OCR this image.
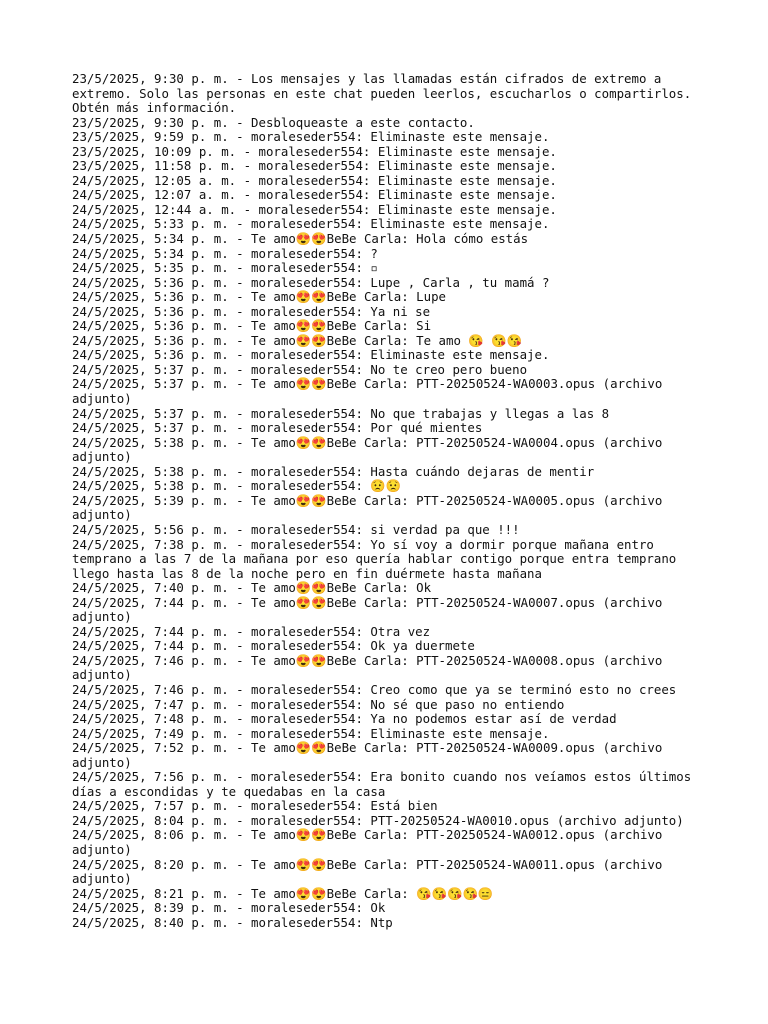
23/5/2025, 9:30 p. m. - Los mensajes y las llamadas están cifrados de extremo a extremo. Solo las personas en este chat pueden leerlos, escucharlos o compartirlos. Obtén más información.
23/5/2025, 9:30 p. m. - Desbloqueaste a este contacto.
23/5/2025, 9:59 p. m. - moraleseder554: Eliminaste este mensaje.
23/5/2025, 10:09 p. m. - moraleseder554: Eliminaste este mensaje.
23/5/2025, 11:58 p. m. - moraleseder554: Eliminaste este mensaje.
24/5/2025, 12:05 a. m. - moraleseder554: Eliminaste este mensaje.
24/5/2025, 12:07 a. m. - moraleseder554: Eliminaste este mensaje.
24/5/2025, 12:44 a. m. - moraleseder554: Eliminaste este mensaje.
24/5/2025, 5:33 p. m. - moraleseder554: Eliminaste este mensaje.
24/5/2025, 5:34 p. m. - Te amo😍😍BeBe Carla: Hola cómo estás
24/5/2025, 5:34 p. m. - moraleseder554: ?
24/5/2025, 5:35 p. m. - moraleseder554: ▫
24/5/2025, 5:36 p. m. - moraleseder554: Lupe , Carla , tu mamá ?
24/5/2025, 5:36 p. m. - Te amo😍😍BeBe Carla: Lupe
24/5/2025, 5:36 p. m. - moraleseder554: Ya ni se
24/5/2025, 5:36 p. m. - Te amo😍😍BeBe Carla: Si
24/5/2025, 5:36 p. m. - Te amo😍😍BeBe Carla: Te amo 😘 😘😘
24/5/2025, 5:36 p. m. - moraleseder554: Eliminaste este mensaje.
24/5/2025, 5:37 p. m. - moraleseder554: No te creo pero bueno
24/5/2025, 5:37 p. m. - Te amo😍😍BeBe Carla: PTT-20250524-WA0003.opus (archivo adjunto)
24/5/2025, 5:37 p. m. - moraleseder554: No que trabajas y llegas a las 8
24/5/2025, 5:37 p. m. - moraleseder554: Por qué mientes
24/5/2025, 5:38 p. m. - Te amo😍😍BeBe Carla: PTT-20250524-WA0004.opus (archivo adjunto)
24/5/2025, 5:38 p. m. - moraleseder554: Hasta cuándo dejaras de mentir
24/5/2025, 5:38 p. m. - moraleseder554: 😟😟
24/5/2025, 5:39 p. m. - Te amo😍😍BeBe Carla: PTT-20250524-WA0005.opus (archivo adjunto)
24/5/2025, 5:56 p. m. - moraleseder554: si verdad pa que !!!
24/5/2025, 7:38 p. m. - moraleseder554: Yo sí voy a dormir porque mañana entro temprano a las 7 de la mañana por eso quería hablar contigo porque entra temprano llego hasta las 8 de la noche pero en fin duérmete hasta mañana
24/5/2025, 7:40 p. m. - Te amo😍😍BeBe Carla: Ok
24/5/2025, 7:44 p. m. - Te amo😍😍BeBe Carla: PTT-20250524-WA0007.opus (archivo adjunto)
24/5/2025, 7:44 p. m. - moraleseder554: Otra vez
24/5/2025, 7:44 p. m. - moraleseder554: Ok ya duermete
24/5/2025, 7:46 p. m. - Te amo😍😍BeBe Carla: PTT-20250524-WA0008.opus (archivo adjunto)
24/5/2025, 7:46 p. m. - moraleseder554: Creo como que ya se terminó esto no crees
24/5/2025, 7:47 p. m. - moraleseder554: No sé que paso no entiendo
24/5/2025, 7:48 p. m. - moraleseder554: Ya no podemos estar así de verdad
24/5/2025, 7:49 p. m. - moraleseder554: Eliminaste este mensaje.
24/5/2025, 7:52 p. m. - Te amo😍😍BeBe Carla: PTT-20250524-WA0009.opus (archivo adjunto)
24/5/2025, 7:56 p. m. - moraleseder554: Era bonito cuando nos veíamos estos últimos días a escondidas y te quedabas en la casa
24/5/2025, 7:57 p. m. - moraleseder554: Está bien
24/5/2025, 8:04 p. m. - moraleseder554: PTT-20250524-WA0010.opus (archivo adjunto)
24/5/2025, 8:06 p. m. - Te amo😍😍BeBe Carla: PTT-20250524-WA0012.opus (archivo adjunto)
24/5/2025, 8:20 p. m. - Te amo😍😍BeBe Carla: PTT-20250524-WA0011.opus (archivo adjunto)
24/5/2025, 8:21 p. m. - Te amo😍😍BeBe Carla: 😘😘😘😘😑
24/5/2025, 8:39 p. m. - moraleseder554: Ok
24/5/2025, 8:40 p. m. - moraleseder554: Ntp
